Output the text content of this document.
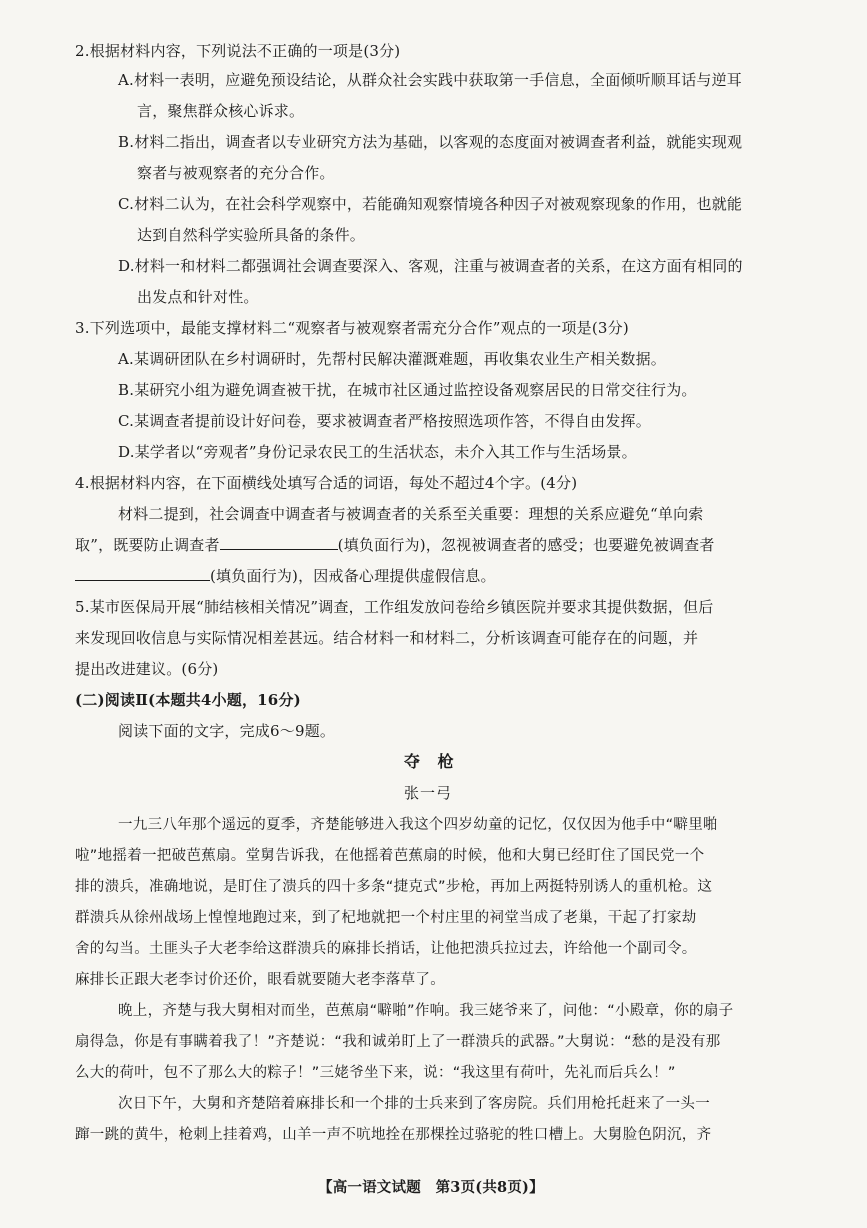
2.根据材料内容，下列说法不正确的一项是(3分)
A.材料一表明，应避免预设结论，从群众社会实践中获取第一手信息，全面倾听顺耳话与逆耳
言，聚焦群众核心诉求。
B.材料二指出，调查者以专业研究方法为基础，以客观的态度面对被调查者利益，就能实现观
察者与被观察者的充分合作。
C.材料二认为，在社会科学观察中，若能确知观察情境各种因子对被观察现象的作用，也就能
达到自然科学实验所具备的条件。
D.材料一和材料二都强调社会调查要深入、客观，注重与被调查者的关系，在这方面有相同的
出发点和针对性。
3.下列选项中，最能支撑材料二“观察者与被观察者需充分合作”观点的一项是(3分)
A.某调研团队在乡村调研时，先帮村民解决灌溉难题，再收集农业生产相关数据。
B.某研究小组为避免调查被干扰，在城市社区通过监控设备观察居民的日常交往行为。
C.某调查者提前设计好问卷，要求被调查者严格按照选项作答，不得自由发挥。
D.某学者以“旁观者”身份记录农民工的生活状态，未介入其工作与生活场景。
4.根据材料内容，在下面横线处填写合适的词语，每处不超过4个字。(4分)
材料二提到，社会调查中调查者与被调查者的关系至关重要：理想的关系应避免“单向索
取”，既要防止调查者	(填负面行为)，忽视被调查者的感受；也要避免被调查者
(填负面行为)，因戒备心理提供虚假信息。
5.某市医保局开展“肺结核相关情况”调查，工作组发放问卷给乡镇医院并要求其提供数据，但后
来发现回收信息与实际情况相差甚远。结合材料一和材料二，分析该调查可能存在的问题，并
提出改进建议。(6分)
(二)阅读Ⅱ(本题共4小题，16分)
阅读下面的文字，完成6～9题。
夺 枪
张一弓
一九三八年那个遥远的夏季，齐楚能够进入我这个四岁幼童的记忆，仅仅因为他手中“噼里啪
啦”地摇着一把破芭蕉扇。堂舅告诉我，在他摇着芭蕉扇的时候，他和大舅已经盯住了国民党一个
排的溃兵，准确地说，是盯住了溃兵的四十多条“捷克式”步枪，再加上两挺特别诱人的重机枪。这
群溃兵从徐州战场上惶惶地跑过来，到了杞地就把一个村庄里的祠堂当成了老巢，干起了打家劫
舍的勾当。土匪头子大老李给这群溃兵的麻排长捎话，让他把溃兵拉过去，许给他一个副司令。
麻排长正跟大老李讨价还价，眼看就要随大老李落草了。
晚上，齐楚与我大舅相对而坐，芭蕉扇“噼啪”作响。我三姥爷来了，问他：“小殿章，你的扇子
扇得急，你是有事瞒着我了！”齐楚说：“我和诚弟盯上了一群溃兵的武器。”大舅说：“愁的是没有那
么大的荷叶，包不了那么大的粽子！”三姥爷坐下来，说：“我这里有荷叶，先礼而后兵么！”
次日下午，大舅和齐楚陪着麻排长和一个排的士兵来到了客房院。兵们用枪托赶来了一头一
蹿一跳的黄牛，枪刺上挂着鸡，山羊一声不吭地拴在那棵拴过骆驼的牲口槽上。大舅脸色阴沉，齐
【高一语文试题　第3页(共8页)】
